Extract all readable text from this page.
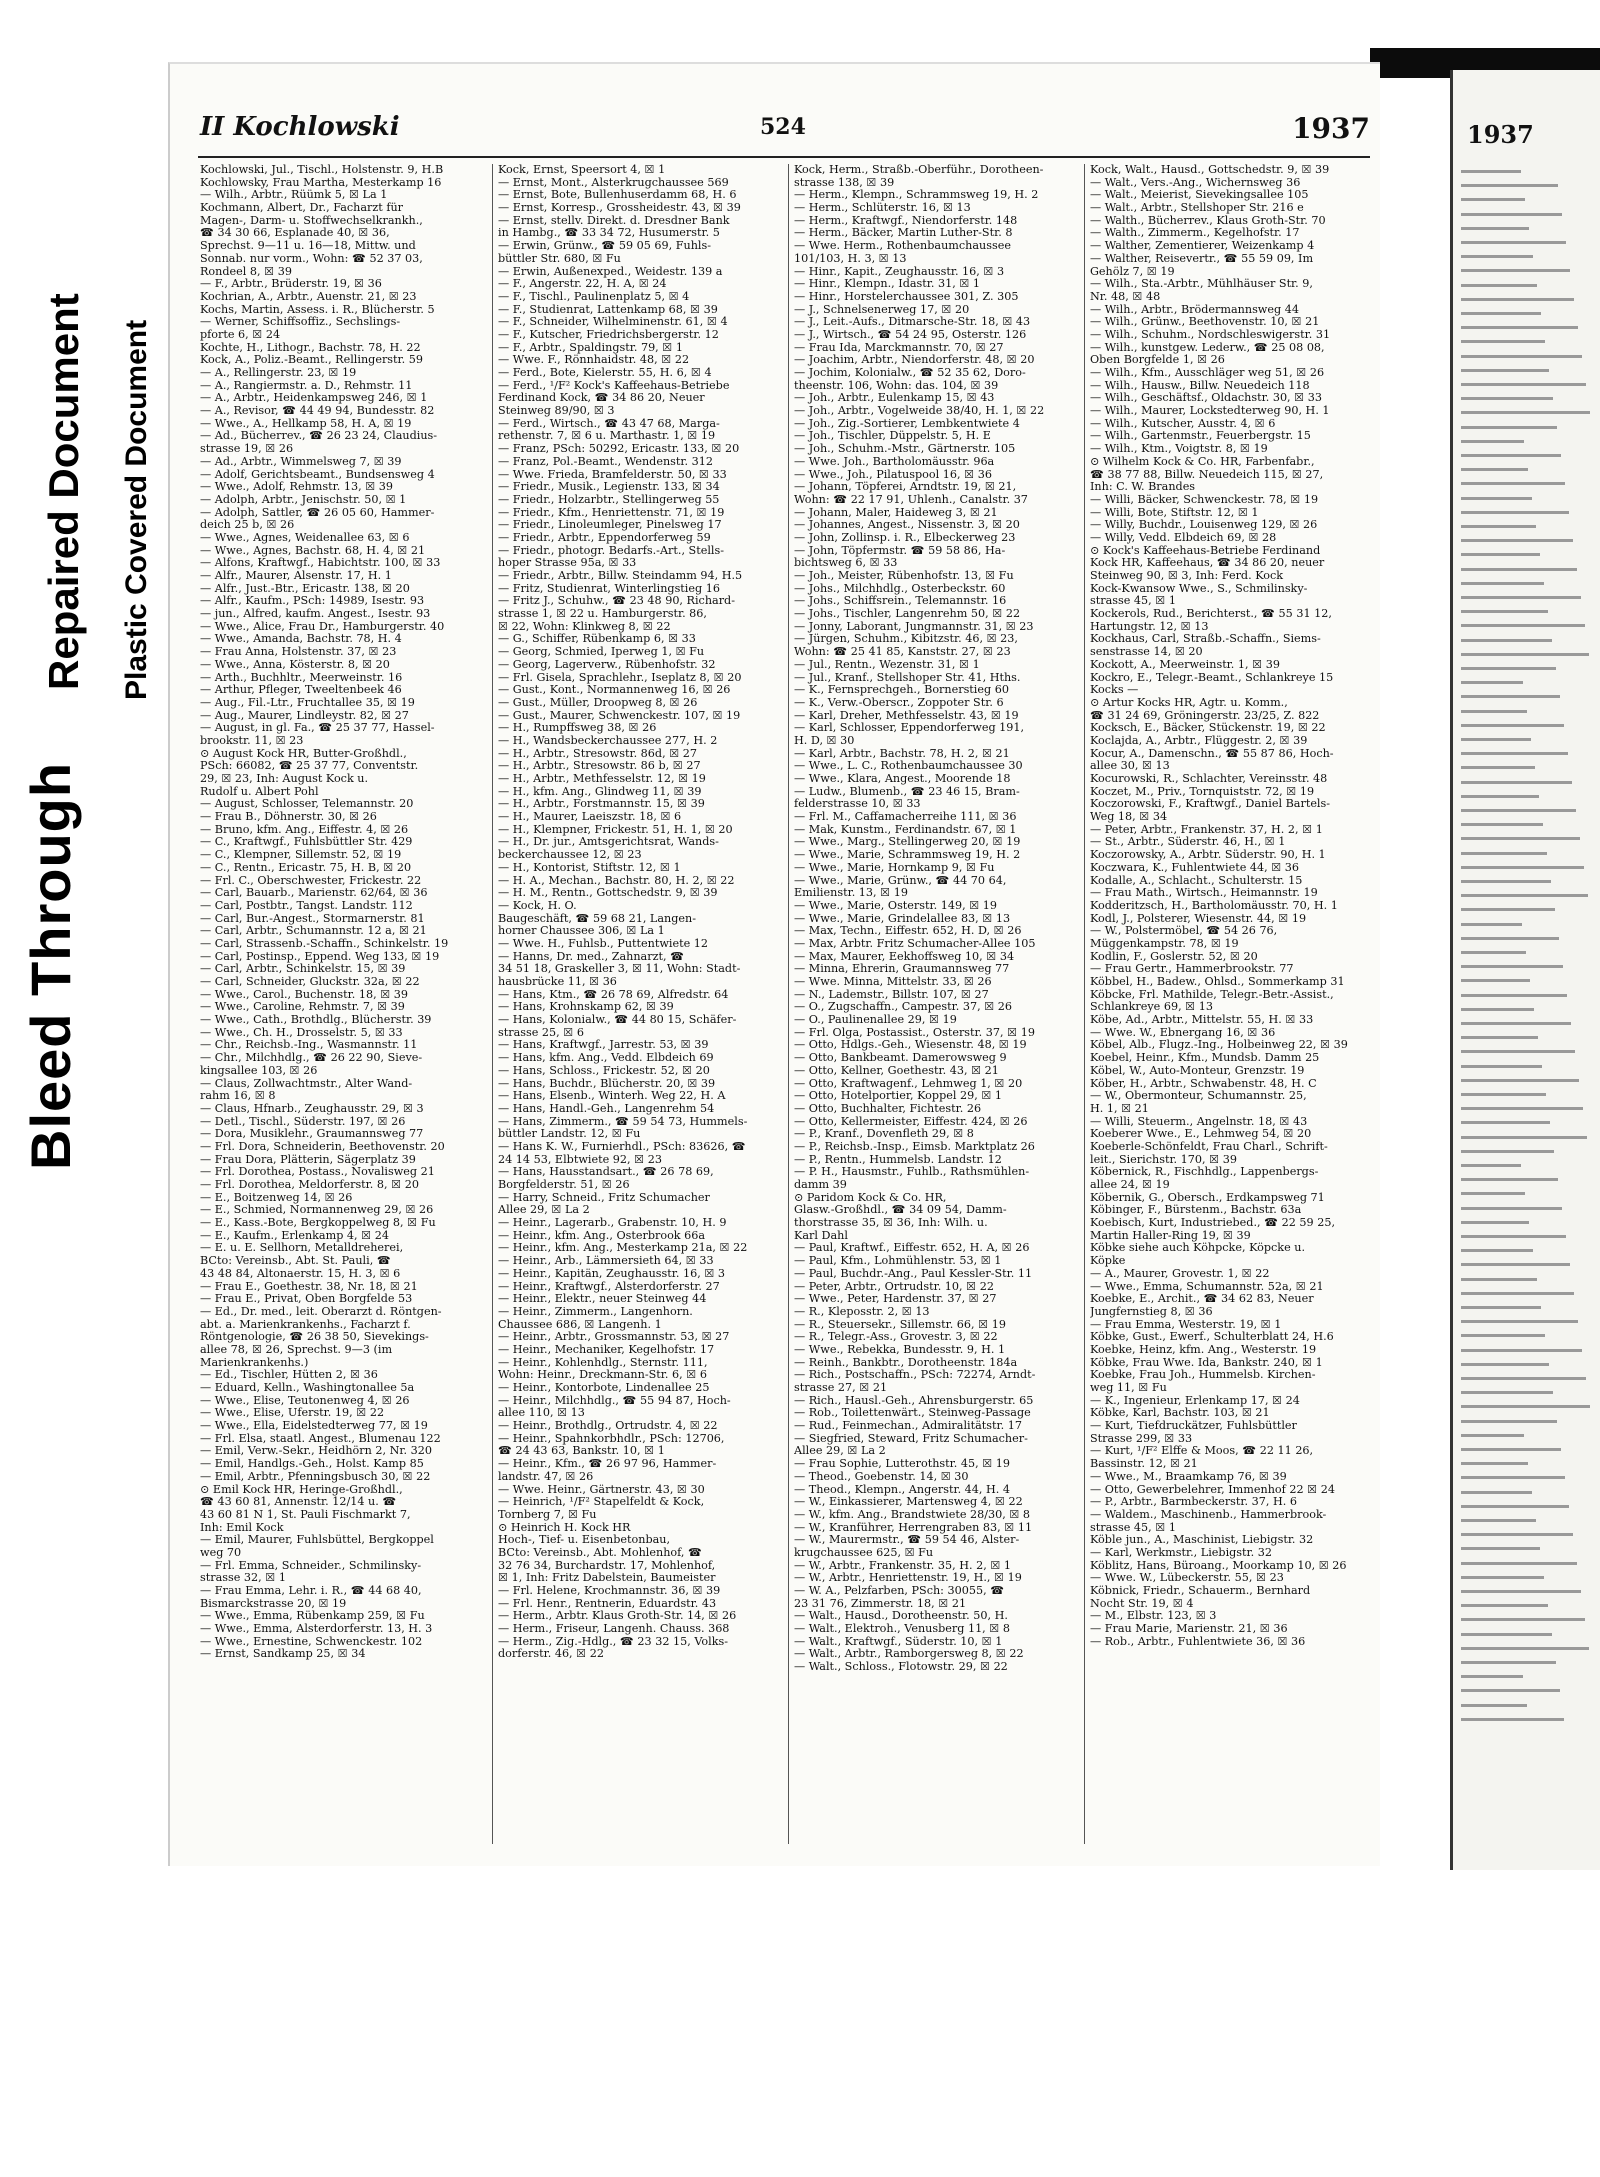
Bleed Through
Repaired Document Plastic Covered Document
II Kochlowski	524	1937
Kochlowski, Jul., Tischl., Holstenstr. 9, H.B
Kochlowsky, Frau Martha, Mesterkamp 16
— Wilh., Arbtr., Rüümk 5, ☒ La 1
Kochmann, Albert, Dr., Facharzt für
Magen-, Darm- u. Stoffwechselkrankh.,
☎ 34 30 66, Esplanade 40, ☒ 36,
Sprechst. 9—11 u. 16—18, Mittw. und
Sonnab. nur vorm., Wohn: ☎ 52 37 03,
Rondeel 8, ☒ 39
— F., Arbtr., Brüderstr. 19, ☒ 36
Kochrian, A., Arbtr., Auenstr. 21, ☒ 23
Kochs, Martin, Assess. i. R., Blücherstr. 5
— Werner, Schiffsoffiz., Sechslings-
pforte 6, ☒ 24
Kochte, H., Lithogr., Bachstr. 78, H. 22
Kock, A., Poliz.-Beamt., Rellingerstr. 59
— A., Rellingerstr. 23, ☒ 19
— A., Rangiermstr. a. D., Rehmstr. 11
— A., Arbtr., Heidenkampsweg 246, ☒ 1
— A., Revisor, ☎ 44 49 94, Bundesstr. 82
— Wwe., A., Hellkamp 58, H. A, ☒ 19
— Ad., Bücherrev., ☎ 26 23 24, Claudius-
strasse 19, ☒ 26
— Ad., Arbtr., Wimmelsweg 7, ☒ 39
— Adolf, Gerichtsbeamt., Bundsensweg 4
— Wwe., Adolf, Rehmstr. 13, ☒ 39
— Adolph, Arbtr., Jenischstr. 50, ☒ 1
— Adolph, Sattler, ☎ 26 05 60, Hammer-
deich 25 b, ☒ 26
— Wwe., Agnes, Weidenallee 63, ☒ 6
— Wwe., Agnes, Bachstr. 68, H. 4, ☒ 21
— Alfons, Kraftwgf., Habichtstr. 100, ☒ 33
— Alfr., Maurer, Alsenstr. 17, H. 1
— Alfr., Just.-Btr., Ericastr. 138, ☒ 20
— Alfr., Kaufm., PSch: 14989, Isestr. 93
— jun., Alfred, kaufm. Angest., Isestr. 93
— Wwe., Alice, Frau Dr., Hamburgerstr. 40
— Wwe., Amanda, Bachstr. 78, H. 4
— Frau Anna, Holstenstr. 37, ☒ 23
— Wwe., Anna, Kösterstr. 8, ☒ 20
— Arth., Buchhltr., Meerweinstr. 16
— Arthur, Pfleger, Tweeltenbeek 46
— Aug., Fil.-Ltr., Fruchtallee 35, ☒ 19
— Aug., Maurer, Lindleystr. 82, ☒ 27
— August, in gl. Fa., ☎ 25 37 77, Hassel-
brookstr. 11, ☒ 23
⊙ August Kock HR, Butter-Großhdl.,
PSch: 66082, ☎ 25 37 77, Conventstr.
29, ☒ 23, Inh: August Kock u.
Rudolf u. Albert Pohl
— August, Schlosser, Telemannstr. 20
— Frau B., Döhnerstr. 30, ☒ 26
— Bruno, kfm. Ang., Eiffestr. 4, ☒ 26
— C., Kraftwgf., Fuhlsbüttler Str. 429
— C., Klempner, Sillemstr. 52, ☒ 19
— C., Rentn., Ericastr. 75, H. B, ☒ 20
— Frl. C., Oberschwester, Frickestr. 22
— Carl, Bauarb., Marienstr. 62/64, ☒ 36
— Carl, Postbtr., Tangst. Landstr. 112
— Carl, Bur.-Angest., Stormarnerstr. 81
— Carl, Arbtr., Schumannstr. 12 a, ☒ 21
— Carl, Strassenb.-Schaffn., Schinkelstr. 19
— Carl, Postinsp., Eppend. Weg 133, ☒ 19
— Carl, Arbtr., Schinkelstr. 15, ☒ 39
— Carl, Schneider, Gluckstr. 32a, ☒ 22
— Wwe., Carol., Buchenstr. 18, ☒ 39
— Wwe., Caroline, Rehmstr. 7, ☒ 39
— Wwe., Cath., Brothdlg., Blücherstr. 39
— Wwe., Ch. H., Drosselstr. 5, ☒ 33
— Chr., Reichsb.-Ing., Wasmannstr. 11
— Chr., Milchhdlg., ☎ 26 22 90, Sieve-
kingsallee 103, ☒ 26
— Claus, Zollwachtmstr., Alter Wand-
rahm 16, ☒ 8
— Claus, Hfnarb., Zeughausstr. 29, ☒ 3
— Detl., Tischl., Süderstr. 197, ☒ 26
— Dora, Musiklehr., Graumannsweg 77
— Frl. Dora, Schneiderin, Beethovenstr. 20
— Frau Dora, Plätterin, Sägerplatz 39
— Frl. Dorothea, Postass., Novalisweg 21
— Frl. Dorothea, Meldorferstr. 8, ☒ 20
— E., Boitzenweg 14, ☒ 26
— E., Schmied, Normannenweg 29, ☒ 26
— E., Kass.-Bote, Bergkoppelweg 8, ☒ Fu
— E., Kaufm., Erlenkamp 4, ☒ 24
— E. u. E. Sellhorn, Metalldreherei,
BCto: Vereinsb., Abt. St. Pauli, ☎
43 48 84, Altonaerstr. 15, H. 3, ☒ 6
— Frau E., Goethestr. 38, Nr. 18, ☒ 21
— Frau E., Privat, Oben Borgfelde 53
— Ed., Dr. med., leit. Oberarzt d. Röntgen-
abt. a. Marienkrankenhs., Facharzt f.
Röntgenologie, ☎ 26 38 50, Sievekings-
allee 78, ☒ 26, Sprechst. 9—3 (im
Marienkrankenhs.)
— Ed., Tischler, Hütten 2, ☒ 36
— Eduard, Kelln., Washingtonallee 5a
— Wwe., Elise, Teutonenweg 4, ☒ 26
— Wwe., Elise, Uferstr. 19, ☒ 22
— Wwe., Ella, Eidelstedterweg 77, ☒ 19
— Frl. Elsa, staatl. Angest., Blumenau 122
— Emil, Verw.-Sekr., Heidhörn 2, Nr. 320
— Emil, Handlgs.-Geh., Holst. Kamp 85
— Emil, Arbtr., Pfenningsbusch 30, ☒ 22
⊙ Emil Kock HR, Heringe-Großhdl.,
☎ 43 60 81, Annenstr. 12/14 u. ☎
43 60 81 N 1, St. Pauli Fischmarkt 7,
Inh: Emil Kock
— Emil, Maurer, Fuhlsbüttel, Bergkoppel
weg 70
— Frl. Emma, Schneider., Schmilinsky-
strasse 32, ☒ 1
— Frau Emma, Lehr. i. R., ☎ 44 68 40,
Bismarckstrasse 20, ☒ 19
— Wwe., Emma, Rübenkamp 259, ☒ Fu
— Wwe., Emma, Alsterdorferstr. 13, H. 3
— Wwe., Ernestine, Schwenckestr. 102
— Ernst, Sandkamp 25, ☒ 34
Kock, Ernst, Speersort 4, ☒ 1
— Ernst, Mont., Alsterkrugchaussee 569
— Ernst, Bote, Bullenhuserdamm 68, H. 6
— Ernst, Korresp., Grossheidestr. 43, ☒ 39
— Ernst, stellv. Direkt. d. Dresdner Bank
in Hambg., ☎ 33 34 72, Husumerstr. 5
— Erwin, Grünw., ☎ 59 05 69, Fuhls-
büttler Str. 680, ☒ Fu
— Erwin, Außenexped., Weidestr. 139 a
— F., Angerstr. 22, H. A, ☒ 24
— F., Tischl., Paulinenplatz 5, ☒ 4
— F., Studienrat, Lattenkamp 68, ☒ 39
— F., Schneider, Wilhelminenstr. 61, ☒ 4
— F., Kutscher, Friedrichsbergerstr. 12
— F., Arbtr., Spaldingstr. 79, ☒ 1
— Wwe. F., Rönnhaidstr. 48, ☒ 22
— Ferd., Bote, Kielerstr. 55, H. 6, ☒ 4
— Ferd., ¹/F² Kock's Kaffeehaus-Betriebe
Ferdinand Kock, ☎ 34 86 20, Neuer
Steinweg 89/90, ☒ 3
— Ferd., Wirtsch., ☎ 43 47 68, Marga-
rethenstr. 7, ☒ 6 u. Marthastr. 1, ☒ 19
— Franz, PSch: 50292, Ericastr. 133, ☒ 20
— Franz, Pol.-Beamt., Wendenstr. 312
— Wwe. Frieda, Bramfelderstr. 50, ☒ 33
— Friedr., Musik., Legienstr. 133, ☒ 34
— Friedr., Holzarbtr., Stellingerweg 55
— Friedr., Kfm., Henriettenstr. 71, ☒ 19
— Friedr., Linoleumleger, Pinelsweg 17
— Friedr., Arbtr., Eppendorferweg 59
— Friedr., photogr. Bedarfs.-Art., Stells-
hoper Strasse 95a, ☒ 33
— Friedr., Arbtr., Billw. Steindamm 94, H.5
— Fritz, Studienrat, Winterlingstieg 16
— Fritz J., Schuhw., ☎ 23 48 90, Richard-
strasse 1, ☒ 22 u. Hamburgerstr. 86,
☒ 22, Wohn: Klinkweg 8, ☒ 22
— G., Schiffer, Rübenkamp 6, ☒ 33
— Georg, Schmied, Iperweg 1, ☒ Fu
— Georg, Lagerverw., Rübenhofstr. 32
— Frl. Gisela, Sprachlehr., Iseplatz 8, ☒ 20
— Gust., Kont., Normannenweg 16, ☒ 26
— Gust., Müller, Droopweg 8, ☒ 26
— Gust., Maurer, Schwenckestr. 107, ☒ 19
— H., Rumpffsweg 38, ☒ 26
— H., Wandsbeckerchaussee 277, H. 2
— H., Arbtr., Stresowstr. 86d, ☒ 27
— H., Arbtr., Stresowstr. 86 b, ☒ 27
— H., Arbtr., Methfesselstr. 12, ☒ 19
— H., kfm. Ang., Glindweg 11, ☒ 39
— H., Arbtr., Forstmannstr. 15, ☒ 39
— H., Maurer, Laeiszstr. 18, ☒ 6
— H., Klempner, Frickestr. 51, H. 1, ☒ 20
— H., Dr. jur., Amtsgerichtsrat, Wands-
beckerchaussee 12, ☒ 23
— H., Kontorist, Stiftstr. 12, ☒ 1
— H. A., Mechan., Bachstr. 80, H. 2, ☒ 22
— H. M., Rentn., Gottschedstr. 9, ☒ 39
— Kock, H. O.
Baugeschäft, ☎ 59 68 21, Langen-
horner Chaussee 306, ☒ La 1
— Wwe. H., Fuhlsb., Puttentwiete 12
— Hanns, Dr. med., Zahnarzt, ☎
34 51 18, Graskeller 3, ☒ 11, Wohn: Stadt-
hausbrücke 11, ☒ 36
— Hans, Ktm., ☎ 26 78 69, Alfredstr. 64
— Hans, Krohnskamp 62, ☒ 39
— Hans, Kolonialw., ☎ 44 80 15, Schäfer-
strasse 25, ☒ 6
— Hans, Kraftwgf., Jarrestr. 53, ☒ 39
— Hans, kfm. Ang., Vedd. Elbdeich 69
— Hans, Schloss., Frickestr. 52, ☒ 20
— Hans, Buchdr., Blücherstr. 20, ☒ 39
— Hans, Elsenb., Winterh. Weg 22, H. A
— Hans, Handl.-Geh., Langenrehm 54
— Hans, Zimmerm., ☎ 59 54 73, Hummels-
büttler Landstr. 12, ☒ Fu
— Hans K. W., Furnierhdl., PSch: 83626, ☎
24 14 53, Elbtwiete 92, ☒ 23
— Hans, Hausstandsart., ☎ 26 78 69,
Borgfelderstr. 51, ☒ 26
— Harry, Schneid., Fritz Schumacher
Allee 29, ☒ La 2
— Heinr., Lagerarb., Grabenstr. 10, H. 9
— Heinr., kfm. Ang., Osterbrook 66a
— Heinr., kfm. Ang., Mesterkamp 21a, ☒ 22
— Heinr., Arb., Lämmersieth 64, ☒ 33
— Heinr., Kapitän, Zeughausstr. 16, ☒ 3
— Heinr., Kraftwgf., Alsterdorferstr. 27
— Heinr., Elektr., neuer Steinweg 44
— Heinr., Zimmerm., Langenhorn.
Chaussee 686, ☒ Langenh. 1
— Heinr., Arbtr., Grossmannstr. 53, ☒ 27
— Heinr., Mechaniker, Kegelhofstr. 17
— Heinr., Kohlenhdlg., Sternstr. 111,
Wohn: Heinr., Dreckmann-Str. 6, ☒ 6
— Heinr., Kontorbote, Lindenallee 25
— Heinr., Milchhdlg., ☎ 55 94 87, Hoch-
allee 110, ☒ 13
— Heinr., Brothdlg., Ortrudstr. 4, ☒ 22
— Heinr., Spahnkorbhdlr., PSch: 12706,
☎ 24 43 63, Bankstr. 10, ☒ 1
— Heinr., Kfm., ☎ 26 97 96, Hammer-
landstr. 47, ☒ 26
— Wwe. Heinr., Gärtnerstr. 43, ☒ 30
— Heinrich, ¹/F² Stapelfeldt & Kock,
Tornberg 7, ☒ Fu
⊙ Heinrich H. Kock HR
Hoch-, Tief- u. Eisenbetonbau,
BCto: Vereinsb., Abt. Mohlenhof, ☎
32 76 34, Burchardstr. 17, Mohlenhof,
☒ 1, Inh: Fritz Dabelstein, Baumeister
— Frl. Helene, Krochmannstr. 36, ☒ 39
— Frl. Henr., Rentnerin, Eduardstr. 43
— Herm., Arbtr. Klaus Groth-Str. 14, ☒ 26
— Herm., Friseur, Langenh. Chauss. 368
— Herm., Zig.-Hdlg., ☎ 23 32 15, Volks-
dorferstr. 46, ☒ 22
Kock, Herm., Straßb.-Oberführ., Dorotheen-
strasse 138, ☒ 39
— Herm., Klempn., Schrammsweg 19, H. 2
— Herm., Schlüterstr. 16, ☒ 13
— Herm., Kraftwgf., Niendorferstr. 148
— Herm., Bäcker, Martin Luther-Str. 8
— Wwe. Herm., Rothenbaumchaussee
101/103, H. 3, ☒ 13
— Hinr., Kapit., Zeughausstr. 16, ☒ 3
— Hinr., Klempn., Idastr. 31, ☒ 1
— Hinr., Horstelerchaussee 301, Z. 305
— J., Schnelsenerweg 17, ☒ 20
— J., Leit.-Aufs., Ditmarsche-Str. 18, ☒ 43
— J., Wirtsch., ☎ 54 24 95, Osterstr. 126
— Frau Ida, Marckmannstr. 70, ☒ 27
— Joachim, Arbtr., Niendorferstr. 48, ☒ 20
— Jochim, Kolonialw., ☎ 52 35 62, Doro-
theenstr. 106, Wohn: das. 104, ☒ 39
— Joh., Arbtr., Eulenkamp 15, ☒ 43
— Joh., Arbtr., Vogelweide 38/40, H. 1, ☒ 22
— Joh., Zig.-Sortierer, Lembkentwiete 4
— Joh., Tischler, Düppelstr. 5, H. E
— Joh., Schuhm.-Mstr., Gärtnerstr. 105
— Wwe. Joh., Bartholomäusstr. 96a
— Wwe., Joh., Pilatuspool 16, ☒ 36
— Johann, Töpferei, Arndtstr. 19, ☒ 21,
Wohn: ☎ 22 17 91, Uhlenh., Canalstr. 37
— Johann, Maler, Haideweg 3, ☒ 21
— Johannes, Angest., Nissenstr. 3, ☒ 20
— John, Zollinsp. i. R., Elbeckerweg 23
— John, Töpfermstr. ☎ 59 58 86, Ha-
bichtsweg 6, ☒ 33
— Joh., Meister, Rübenhofstr. 13, ☒ Fu
— Johs., Milchhdlg., Osterbeckstr. 60
— Johs., Schiffsrein., Telemannstr. 16
— Johs., Tischler, Langenrehm 50, ☒ 22
— Jonny, Laborant, Jungmannstr. 31, ☒ 23
— Jürgen, Schuhm., Kibitzstr. 46, ☒ 23,
Wohn: ☎ 25 41 85, Kanststr. 27, ☒ 23
— Jul., Rentn., Wezenstr. 31, ☒ 1
— Jul., Kranf., Stellshoper Str. 41, Hths.
— K., Fernsprechgeh., Bornerstieg 60
— K., Verw.-Oberscr., Zoppoter Str. 6
— Karl, Dreher, Methfesselstr. 43, ☒ 19
— Karl, Schlosser, Eppendorferweg 191,
H. D, ☒ 30
— Karl, Arbtr., Bachstr. 78, H. 2, ☒ 21
— Wwe., L. C., Rothenbaumchaussee 30
— Wwe., Klara, Angest., Moorende 18
— Ludw., Blumenb., ☎ 23 46 15, Bram-
felderstrasse 10, ☒ 33
— Frl. M., Caffamacherreihe 111, ☒ 36
— Mak, Kunstm., Ferdinandstr. 67, ☒ 1
— Wwe., Marg., Stellingerweg 20, ☒ 19
— Wwe., Marie, Schrammsweg 19, H. 2
— Wwe., Marie, Hornkamp 9, ☒ Fu
— Wwe., Marie, Grünw., ☎ 44 70 64,
Emilienstr. 13, ☒ 19
— Wwe., Marie, Osterstr. 149, ☒ 19
— Wwe., Marie, Grindelallee 83, ☒ 13
— Max, Techn., Eiffestr. 652, H. D, ☒ 26
— Max, Arbtr. Fritz Schumacher-Allee 105
— Max, Maurer, Eekhoffsweg 10, ☒ 34
— Minna, Ehrerin, Graumannsweg 77
— Wwe. Minna, Mittelstr. 33, ☒ 26
— N., Lademstr., Billstr. 107, ☒ 27
— O., Zugschaffn., Campestr. 37, ☒ 26
— O., Paulinenallee 29, ☒ 19
— Frl. Olga, Postassist., Osterstr. 37, ☒ 19
— Otto, Hdlgs.-Geh., Wiesenstr. 48, ☒ 19
— Otto, Bankbeamt. Damerowsweg 9
— Otto, Kellner, Goethestr. 43, ☒ 21
— Otto, Kraftwagenf., Lehmweg 1, ☒ 20
— Otto, Hotelportier, Koppel 29, ☒ 1
— Otto, Buchhalter, Fichtestr. 26
— Otto, Kellermeister, Eiffestr. 424, ☒ 26
— P., Kranf., Dovenfleth 29, ☒ 8
— P., Reichsb.-Insp., Eimsb. Marktplatz 26
— P., Rentn., Hummelsb. Landstr. 12
— P. H., Hausmstr., Fuhlb., Rathsmühlen-
damm 39
⊙ Paridom Kock & Co. HR,
Glasw.-Großhdl., ☎ 34 09 54, Damm-
thorstrasse 35, ☒ 36, Inh: Wilh. u.
Karl Dahl
— Paul, Kraftwf., Eiffestr. 652, H. A, ☒ 26
— Paul, Kfm., Lohmühlenstr. 53, ☒ 1
— Paul, Buchdr.-Ang., Paul Kessler-Str. 11
— Peter, Arbtr., Ortrudstr. 10, ☒ 22
— Wwe., Peter, Hardenstr. 37, ☒ 27
— R., Kleposstr. 2, ☒ 13
— R., Steuersekr., Sillemstr. 66, ☒ 19
— R., Telegr.-Ass., Grovestr. 3, ☒ 22
— Wwe., Rebekka, Bundesstr. 9, H. 1
— Reinh., Bankbtr., Dorotheenstr. 184a
— Rich., Postschaffn., PSch: 72274, Arndt-
strasse 27, ☒ 21
— Rich., Hausl.-Geh., Ahrensburgerstr. 65
— Rob., Toilettenwärt., Steinweg-Passage
— Rud., Feinmechan., Admiralitätstr. 17
— Siegfried, Steward, Fritz Schumacher-
Allee 29, ☒ La 2
— Frau Sophie, Lutterothstr. 45, ☒ 19
— Theod., Goebenstr. 14, ☒ 30
— Theod., Klempn., Angerstr. 44, H. 4
— W., Einkassierer, Martensweg 4, ☒ 22
— W., kfm. Ang., Brandstwiete 28/30, ☒ 8
— W., Kranführer, Herrengraben 83, ☒ 11
— W., Maurermstr., ☎ 59 54 46, Alster-
krugchaussee 625, ☒ Fu
— W., Arbtr., Frankenstr. 35, H. 2, ☒ 1
— W., Arbtr., Henriettenstr. 19, H., ☒ 19
— W. A., Pelzfarben, PSch: 30055, ☎
23 31 76, Zimmerstr. 18, ☒ 21
— Walt., Hausd., Dorotheenstr. 50, H.
— Walt., Elektroh., Venusberg 11, ☒ 8
— Walt., Kraftwgf., Süderstr. 10, ☒ 1
— Walt., Arbtr., Ramborgersweg 8, ☒ 22
— Walt., Schloss., Flotowstr. 29, ☒ 22
Kock, Walt., Hausd., Gottschedstr. 9, ☒ 39
— Walt., Vers.-Ang., Wichernsweg 36
— Walt., Meierist, Sievekingsallee 105
— Walt., Arbtr., Stellshoper Str. 216 e
— Walth., Bücherrev., Klaus Groth-Str. 70
— Walth., Zimmerm., Kegelhofstr. 17
— Walther, Zementierer, Weizenkamp 4
— Walther, Reisevertr., ☎ 55 59 09, Im
Gehölz 7, ☒ 19
— Wilh., Sta.-Arbtr., Mühlhäuser Str. 9,
Nr. 48, ☒ 48
— Wilh., Arbtr., Brödermannsweg 44
— Wilh., Grünw., Beethovenstr. 10, ☒ 21
— Wilh., Schuhm., Nordschleswigerstr. 31
— Wilh., kunstgew. Lederw., ☎ 25 08 08,
Oben Borgfelde 1, ☒ 26
— Wilh., Kfm., Ausschläger weg 51, ☒ 26
— Wilh., Hausw., Billw. Neuedeich 118
— Wilh., Geschäftsf., Oldachstr. 30, ☒ 33
— Wilh., Maurer, Lockstedterweg 90, H. 1
— Wilh., Kutscher, Ausstr. 4, ☒ 6
— Wilh., Gartenmstr., Feuerbergstr. 15
— Wilh., Ktm., Voigtstr. 8, ☒ 19
⊙ Wilhelm Kock & Co. HR, Farbenfabr.,
☎ 38 77 88, Billw. Neuedeich 115, ☒ 27,
Inh: C. W. Brandes
— Willi, Bäcker, Schwenckestr. 78, ☒ 19
— Willi, Bote, Stiftstr. 12, ☒ 1
— Willy, Buchdr., Louisenweg 129, ☒ 26
— Willy, Vedd. Elbdeich 69, ☒ 28
⊙ Kock's Kaffeehaus-Betriebe Ferdinand
Kock HR, Kaffeehaus, ☎ 34 86 20, neuer
Steinweg 90, ☒ 3, Inh: Ferd. Kock
Kock-Kwansow Wwe., S., Schmilinsky-
strasse 45, ☒ 1
Kockerols, Rud., Berichterst., ☎ 55 31 12,
Hartungstr. 12, ☒ 13
Kockhaus, Carl, Straßb.-Schaffn., Siems-
senstrasse 14, ☒ 20
Kockott, A., Meerweinstr. 1, ☒ 39
Kockro, E., Telegr.-Beamt., Schlankreye 15
Kocks —
⊙ Artur Kocks HR, Agtr. u. Komm.,
☎ 31 24 69, Gröningerstr. 23/25, Z. 822
Kocksch, E., Bäcker, Stückenstr. 19, ☒ 22
Koclajda, A., Arbtr., Flüggestr. 2, ☒ 39
Kocur, A., Damenschn., ☎ 55 87 86, Hoch-
allee 30, ☒ 13
Kocurowski, R., Schlachter, Vereinsstr. 48
Koczet, M., Priv., Tornquiststr. 72, ☒ 19
Koczorowski, F., Kraftwgf., Daniel Bartels-
Weg 18, ☒ 34
— Peter, Arbtr., Frankenstr. 37, H. 2, ☒ 1
— St., Arbtr., Süderstr. 46, H., ☒ 1
Koczorowsky, A., Arbtr. Süderstr. 90, H. 1
Koczwara, K., Fuhlentwiete 44, ☒ 36
Kodalle, A., Schlacht., Schulterstr. 15
— Frau Math., Wirtsch., Heimannstr. 19
Kodderitzsch, H., Bartholomäusstr. 70, H. 1
Kodl, J., Polsterer, Wiesenstr. 44, ☒ 19
— W., Polstermöbel, ☎ 54 26 76,
Müggenkampstr. 78, ☒ 19
Kodlin, F., Goslerstr. 52, ☒ 20
— Frau Gertr., Hammerbrookstr. 77
Köbbel, H., Badew., Ohlsd., Sommerkamp 31
Köbcke, Frl. Mathilde, Telegr.-Betr.-Assist.,
Schlankreye 69, ☒ 13
Köbe, Ad., Arbtr., Mittelstr. 55, H. ☒ 33
— Wwe. W., Ebnergang 16, ☒ 36
Köbel, Alb., Flugz.-Ing., Holbeinweg 22, ☒ 39
Koebel, Heinr., Kfm., Mundsb. Damm 25
Köbel, W., Auto-Monteur, Grenzstr. 19
Köber, H., Arbtr., Schwabenstr. 48, H. C
— W., Obermonteur, Schumannstr. 25,
H. 1, ☒ 21
— Willi, Steuerm., Angelnstr. 18, ☒ 43
Koeberer Wwe., E., Lehmweg 54, ☒ 20
Koeberle-Schönfeldt, Frau Charl., Schrift-
leit., Sierichstr. 170, ☒ 39
Köbernick, R., Fischhdlg., Lappenbergs-
allee 24, ☒ 19
Köbernik, G., Obersch., Erdkampsweg 71
Köbinger, F., Bürstenm., Bachstr. 63a
Koebisch, Kurt, Industriebed., ☎ 22 59 25,
Martin Haller-Ring 19, ☒ 39
Köbke siehe auch Köhpcke, Köpcke u.
Köpke
— A., Maurer, Grovestr. 1, ☒ 22
— Wwe., Emma, Schumannstr. 52a, ☒ 21
Koebke, E., Archit., ☎ 34 62 83, Neuer
Jungfernstieg 8, ☒ 36
— Frau Emma, Westerstr. 19, ☒ 1
Köbke, Gust., Ewerf., Schulterblatt 24, H.6
Koebke, Heinz, kfm. Ang., Westerstr. 19
Köbke, Frau Wwe. Ida, Bankstr. 240, ☒ 1
Koebke, Frau Joh., Hummelsb. Kirchen-
weg 11, ☒ Fu
— K., Ingenieur, Erlenkamp 17, ☒ 24
Köbke, Karl, Bachstr. 103, ☒ 21
— Kurt, Tiefdruckätzer, Fuhlsbüttler
Strasse 299, ☒ 33
— Kurt, ¹/F² Elffe & Moos, ☎ 22 11 26,
Bassinstr. 12, ☒ 21
— Wwe., M., Braamkamp 76, ☒ 39
— Otto, Gewerbelehrer, Immenhof 22 ☒ 24
— P., Arbtr., Barmbeckerstr. 37, H. 6
— Waldem., Maschinenb., Hammerbrook-
strasse 45, ☒ 1
Köble jun., A., Maschinist, Liebigstr. 32
— Karl, Werkmstr., Liebigstr. 32
Köblitz, Hans, Büroang., Moorkamp 10, ☒ 26
— Wwe. W., Lübeckerstr. 55, ☒ 23
Köbnick, Friedr., Schauerm., Bernhard
Nocht Str. 19, ☒ 4
— M., Elbstr. 123, ☒ 3
— Frau Marie, Marienstr. 21, ☒ 36
— Rob., Arbtr., Fuhlentwiete 36, ☒ 36
1937
